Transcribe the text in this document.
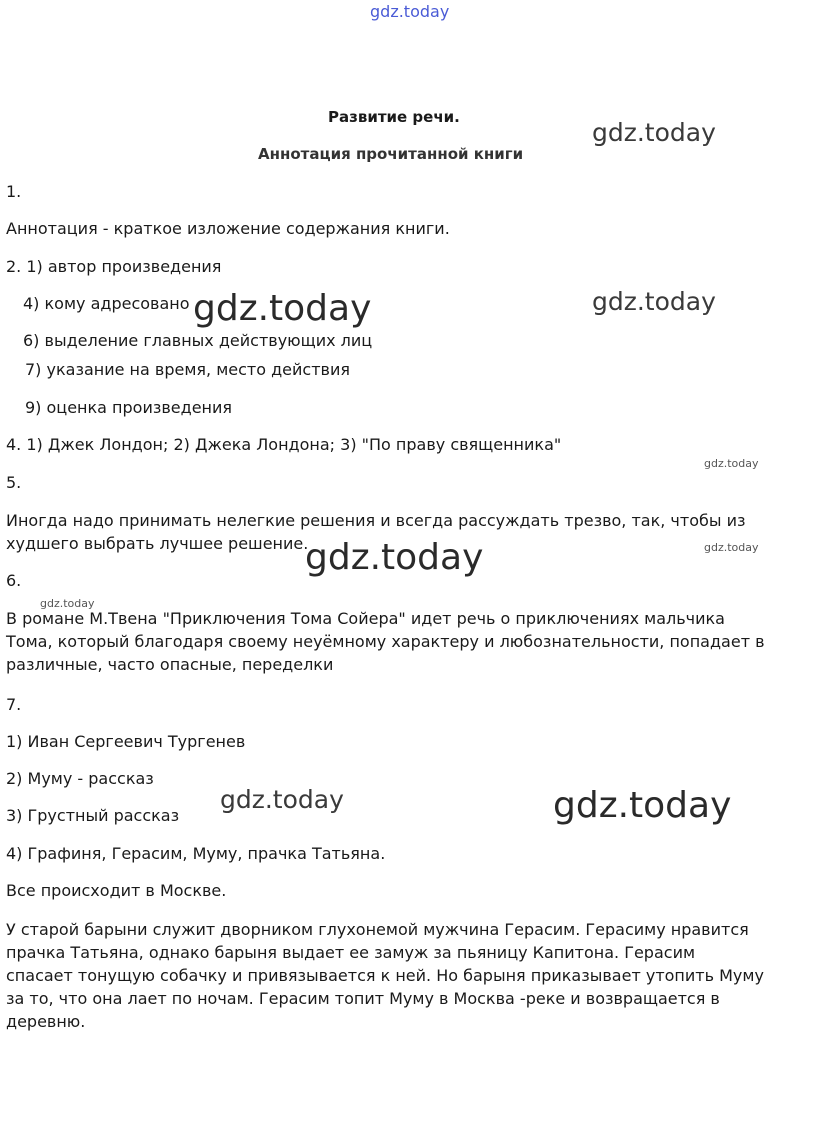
gdz.today
gdz.today
gdz.today	gdz.today
gdz.today
gdz.today	gdz.today
gdz.today
gdz.today	gdz.today
Развитие речи.
Аннотация прочитанной книги
1.
Аннотация - краткое изложение содержания книги.
2. 1) автор произведения
4) кому адресовано
6) выделение главных действующих лиц
7) указание на время, место действия
9) оценка произведения
4. 1) Джек Лондон; 2) Джека Лондона; 3) "По праву священника"
5.
Иногда надо принимать нелегкие решения и всегда рассуждать трезво, так, чтобы из худшего выбрать лучшее решение.
6.
В романе М.Твена "Приключения Тома Сойера" идет речь о приключениях мальчика Тома, который благодаря своему неуёмному характеру и любознательности, попадает в различные, часто опасные, переделки
7.
1) Иван Сергеевич Тургенев
2) Муму - рассказ
3) Грустный рассказ
4) Графиня, Герасим, Муму, прачка Татьяна.
Все происходит в Москве.
У старой барыни служит дворником глухонемой мужчина Герасим. Герасиму нравится прачка Татьяна, однако барыня выдает ее замуж за пьяницу Капитона. Герасим спасает тонущую собачку и привязывается к ней. Но барыня приказывает утопить Муму за то, что она лает по ночам. Герасим топит Муму в Москва -реке и возвращается в деревню.
